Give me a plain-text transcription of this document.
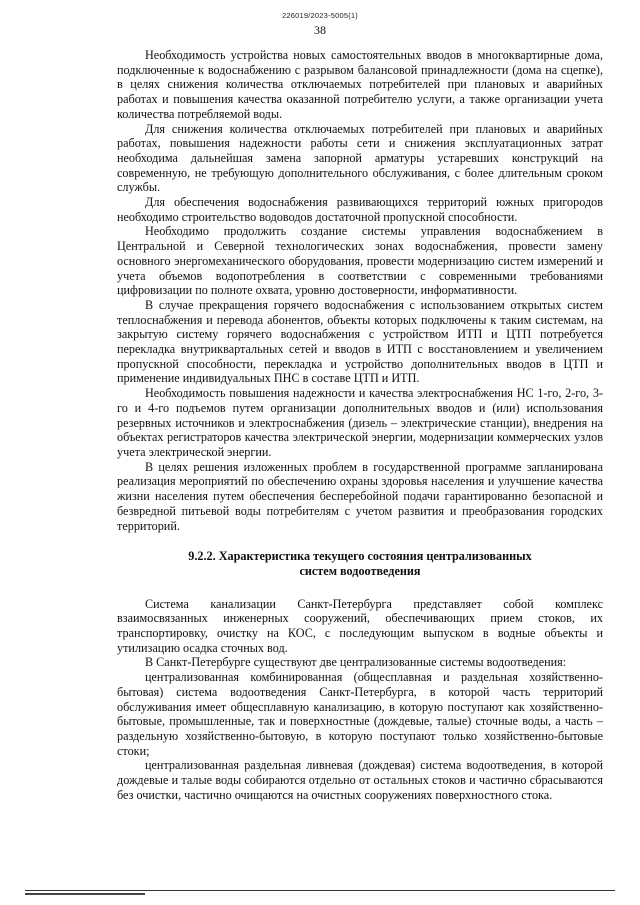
226019/2023-5005(1)
38

Необходимость устройства новых самостоятельных вводов в многоквартирные дома, подключенные к водоснабжению с разрывом балансовой принадлежности (дома на сцепке), в целях снижения количества отключаемых потребителей при плановых и аварийных работах и повышения качества оказанной потребителю услуги, а также организации учета количества потребляемой воды.

Для снижения количества отключаемых потребителей при плановых и аварийных работах, повышения надежности работы сети и снижения эксплуатационных затрат необходима дальнейшая замена запорной арматуры устаревших конструкций на современную, не требующую дополнительного обслуживания, с более длительным сроком службы.

Для обеспечения водоснабжения развивающихся территорий южных пригородов необходимо строительство водоводов достаточной пропускной способности.

Необходимо продолжить создание системы управления водоснабжением в Центральной и Северной технологических зонах водоснабжения, провести замену основного энергомеханического оборудования, провести модернизацию систем измерений и учета объемов водопотребления в соответствии с современными требованиями цифровизации по полноте охвата, уровню достоверности, информативности.

В случае прекращения горячего водоснабжения с использованием открытых систем теплоснабжения и перевода абонентов, объекты которых подключены к таким системам, на закрытую систему горячего водоснабжения с устройством ИТП и ЦТП потребуется перекладка внутриквартальных сетей и вводов в ИТП с восстановлением и увеличением пропускной способности, перекладка и устройство дополнительных вводов в ЦТП и применение индивидуальных ПНС в составе ЦТП и ИТП.

Необходимость повышения надежности и качества электроснабжения НС 1-го, 2-го, 3-го и 4-го подъемов путем организации дополнительных вводов и (или) использования резервных источников и электроснабжения (дизель – электрические станции), внедрения на объектах регистраторов качества электрической энергии, модернизации коммерческих узлов учета электрической энергии.

В целях решения изложенных проблем в государственной программе запланирована реализация мероприятий по обеспечению охраны здоровья населения и улучшение качества жизни населения путем обеспечения бесперебойной подачи гарантированно безопасной и безвредной питьевой воды потребителям с учетом развития и преобразования городских территорий.

9.2.2. Характеристика текущего состояния централизованных
систем водоотведения

Система канализации Санкт-Петербурга представляет собой комплекс взаимосвязанных инженерных сооружений, обеспечивающих прием стоков, их транспортировку, очистку на КОС, с последующим выпуском в водные объекты и утилизацию осадка сточных вод.

В Санкт-Петербурге существуют две централизованные системы водоотведения:

централизованная комбинированная (общесплавная и раздельная хозяйственно-бытовая) система водоотведения Санкт-Петербурга, в которой часть территорий обслуживания имеет общесплавную канализацию, в которую поступают как хозяйственно-бытовые, промышленные, так и поверхностные (дождевые, талые) сточные воды, а часть – раздельную хозяйственно-бытовую, в которую поступают только хозяйственно-бытовые стоки;

централизованная раздельная ливневая (дождевая) система водоотведения, в которой дождевые и талые воды собираются отдельно от остальных стоков и частично сбрасываются без очистки, частично очищаются на очистных сооружениях поверхностного стока.
